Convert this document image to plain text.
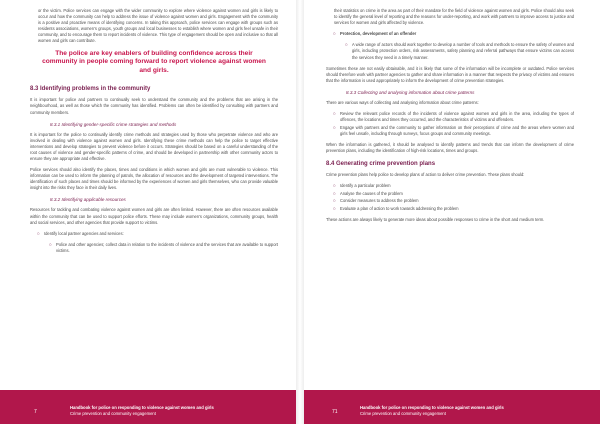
or the victim. Police services can engage with the wider community to explore where violence against women and girls is likely to occur and how the community can help to address the issue of violence against women and girls. Engagement with the community is a positive and proactive means of identifying concerns. In taking this approach, police services can engage with groups such as residents associations, women’s groups, youth groups and local businesses to establish where women and girls feel unsafe in their community, and to encourage them to report incidents of violence. This type of engagement should be open and inclusive so that all women and girls can contribute.

The police are key enablers of building confidence across their community in people coming forward to report violence against women and girls.
8.3 Identifying problems in the community

It is important for police and partners to continually seek to understand the community and the problems that are arising in the neighbourhood, as well as those which the community has identified. Problems can often be identified by consulting with partners and community members.

8.3.1 Identifying gender-specific crime strategies and methods

It is important for the police to continually identify crime methods and strategies used by those who perpetrate violence and who are involved in dealing with violence against women and girls. Identifying these crime methods can help the police to target effective interventions and develop strategies to prevent violence before it occurs. Strategies should be based on a careful understanding of the root causes of violence and gender-specific patterns of crime, and should be developed in partnership with other community actors to ensure they are appropriate and effective.

Police services should also identify the places, times and conditions in which women and girls are most vulnerable to violence. This information can be used to inform the planning of patrols, the allocation of resources and the development of targeted interventions. The identification of such places and times should be informed by the experiences of women and girls themselves, who can provide valuable insight into the risks they face in their daily lives.

8.3.2 Identifying applicable resources

Resources for tackling and combating violence against women and girls are often limited. However, there are often resources available within the community that can be used to support police efforts. These may include women’s organizations, community groups, health and social services, and other agencies that provide support to victims.

○ Identify local partner agencies and services:
○ Police and other agencies; collect data in relation to the incidents of violence and the services that are available to support victims.
7
Handbook for police on responding to violence against women and girls
Crime prevention and community engagement

their statistics on crime in the area as part of their mandate for the field of violence against women and girls. Police should also seek to identify the general level of reporting and the reasons for under-reporting, and work with partners to improve access to justice and services for women and girls affected by violence.

○ Protection, development of an offender
○ A wide range of actors should work together to develop a number of tools and methods to ensure the safety of women and girls, including protection orders, risk assessments, safety planning and referral pathways that ensure victims can access the services they need in a timely manner.

Sometimes these are not easily obtainable, and it is likely that some of the information will be incomplete or outdated. Police services should therefore work with partner agencies to gather and share information in a manner that respects the privacy of victims and ensures that the information is used appropriately to inform the development of crime prevention strategies.

8.3.3 Collecting and analysing information about crime patterns

There are various ways of collecting and analysing information about crime patterns:

○ Review the relevant police records of the incidents of violence against women and girls in the area, including the types of offences, the locations and times they occurred, and the characteristics of victims and offenders.
○ Engage with partners and the community to gather information on their perceptions of crime and the areas where women and girls feel unsafe, including through surveys, focus groups and community meetings.

When the information is gathered, it should be analysed to identify patterns and trends that can inform the development of crime prevention plans, including the identification of high-risk locations, times and groups.

8.4 Generating crime prevention plans

Crime prevention plans help police to develop plans of action to deliver crime prevention. These plans should:

○ Identify a particular problem
○ Analyse the causes of the problem
○ Consider measures to address the problem
○ Evaluate a plan of action to work towards addressing the problem

These actions are always likely to generate more ideas about possible responses to crime in the short and medium term.

71
Handbook for police on responding to violence against women and girls
Crime prevention and community engagement
